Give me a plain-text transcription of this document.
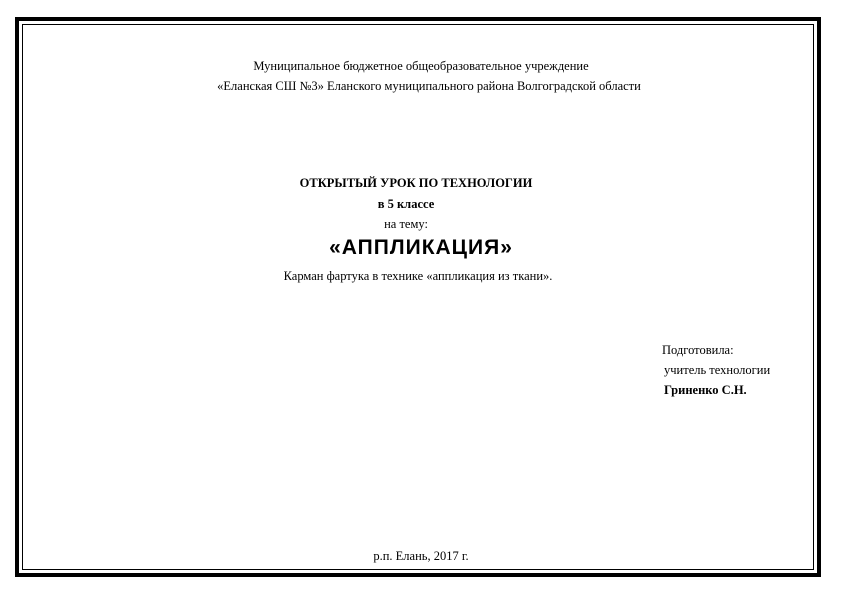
Муниципальное бюджетное общеобразовательное учреждение
«Еланская СШ №3» Еланского муниципального района Волгоградской области
ОТКРЫТЫЙ УРОК ПО ТЕХНОЛОГИИ
в 5 классе
на тему:
«АППЛИКАЦИЯ»
Карман фартука в технике «аппликация из ткани».
Подготовила:
учитель технологии
Гриненко С.Н.
р.п. Елань, 2017 г.
